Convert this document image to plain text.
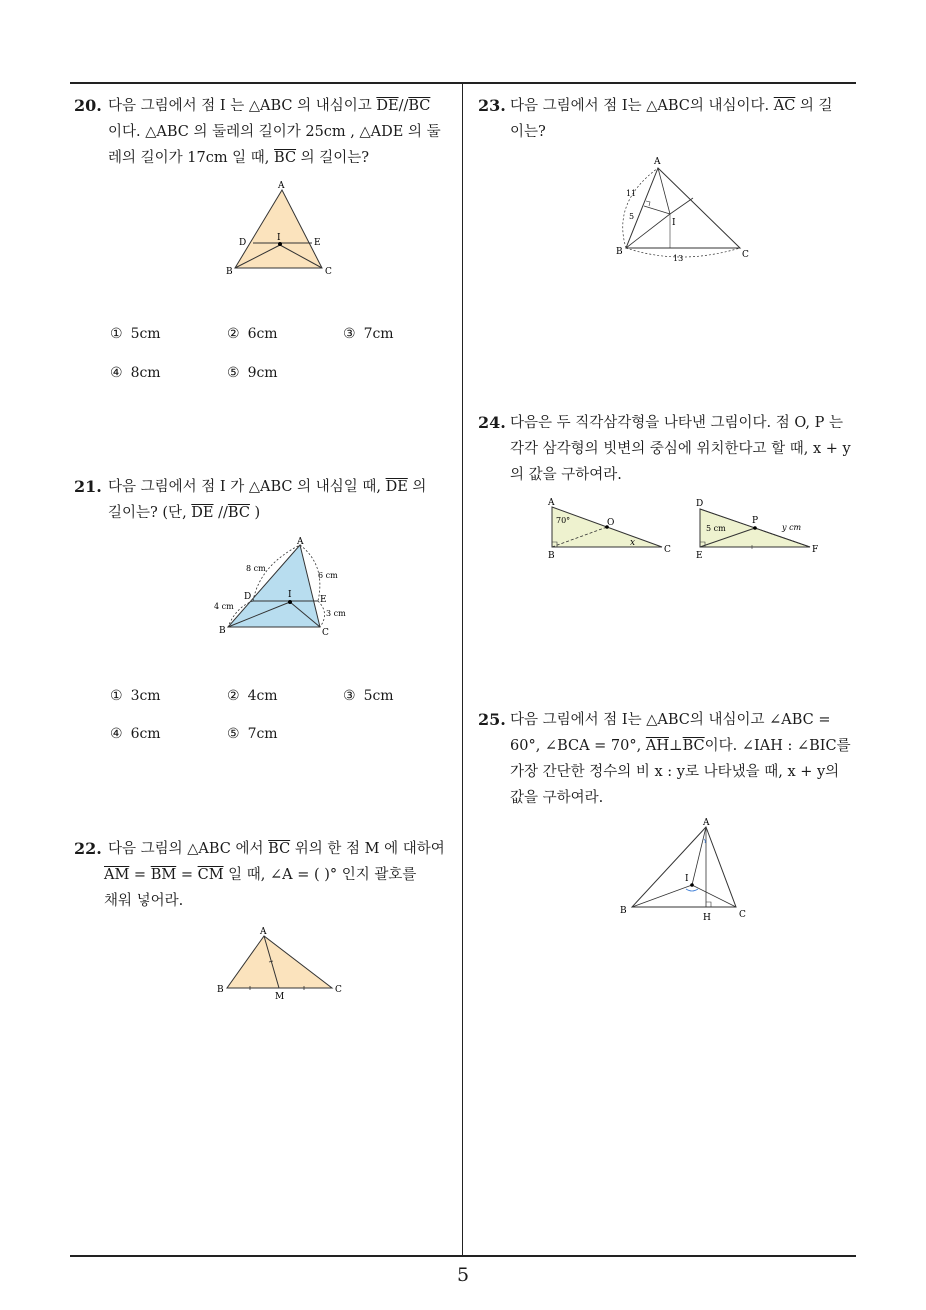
20. 다음 그림에서 점 I 는 △ABC 의 내심이고 $\overline{DE}//\overline{BC}$
이다. △ABC 의 둘레의 길이가 25cm , △ADE 의 둘
레의 길이가 17cm 일 때, $\overline{BC}$ 의 길이는?
A
D	E
I
B	C
① 5cm	② 6cm	③ 7cm
④ 8cm	⑤ 9cm
21. 다음 그림에서 점 I 가 △ABC 의 내심일 때, $\overline{DE}$ 의
길이는? (단, $\overline{DE}$ $//\overline{BC}$ )
A
D	E
I
B	C
8 cm
6 cm
4 cm
3 cm
① 3cm	② 4cm	③ 5cm
④ 6cm	⑤ 7cm
22. 다음 그림의 △ABC 에서 $\overline{BC}$ 위의 한 점 M 에 대하여
$\overline{AM} = \overline{BM} = \overline{CM}$ 일 때, ∠A = ( )° 인지 괄호를
채워 넣어라.
A
B	C
M
23. 다음 그림에서 점 I는 △ABC의 내심이다. $\overline{AC}$ 의 길
이는?
A
B	C
I
11
5
13
24. 다음은 두 직각삼각형을 나타낸 그림이다. 점 O, P 는
각각 삼각형의 빗변의 중심에 위치한다고 할 때, x + y
의 값을 구하여라.
A
B
C
O
70°
x
D
E
F
P
5 cm	y cm
25. 다음 그림에서 점 I는 △ABC의 내심이고 ∠ABC =
60°, ∠BCA = 70°, $\overline{AH}\perp\overline{BC}$이다. ∠IAH : ∠BIC를
가장 간단한 정수의 비 x : y로 나타냈을 때, x + y의
값을 구하여라.
A
B	C
I
H
5
